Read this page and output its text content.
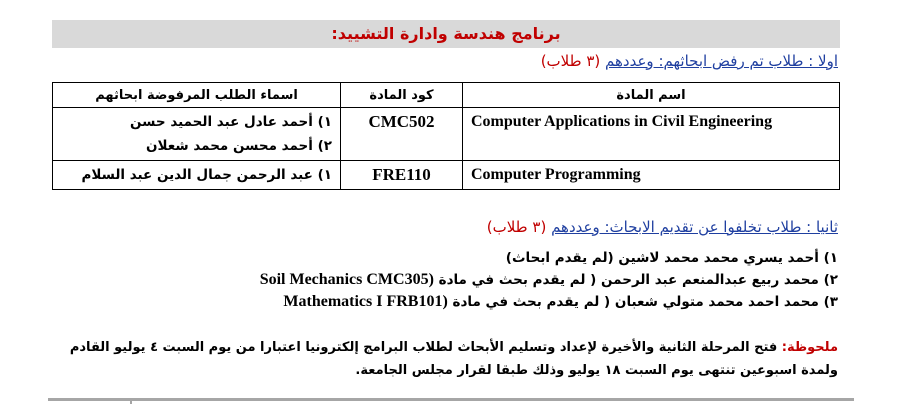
برنامج هندسة وادارة التشييد:
اولا : طلاب تم رفض ابحاثهم: وعددهم (٣ طلاب)
اسم المادة	كود المادة	اسماء الطلب المرفوضة ابحاثهم
Computer Applications in Civil Engineering	CMC502	١) أحمد عادل عبد الحميد حسن
٢) أحمد محسن محمد شعلان

Computer Programming	FRE110	١) عبد الرحمن جمال الدين عبد السلام
ثانيا : طلاب تخلفوا عن تقديم الابحاث: وعددهم (٣ طلاب)
١) أحمد يسري محمد محمد لاشين (لم يقدم ابحاث)
٢) محمد ربيع عبدالمنعم عبد الرحمن ( لم يقدم بحث في مادة Soil Mechanics CMC305)
٣) محمد احمد محمد متولي شعبان ( لم يقدم بحث في مادة Mathematics I FRB101)
ملحوظة: فتح المرحلة الثانية والأخيرة لإعداد وتسليم الأبحاث لطلاب البرامج إلكترونيا اعتبارا من يوم السبت ٤ يوليو القادم ولمدة اسبوعين تنتهى يوم السبت ١٨ يوليو وذلك طبقا لقرار مجلس الجامعة.
